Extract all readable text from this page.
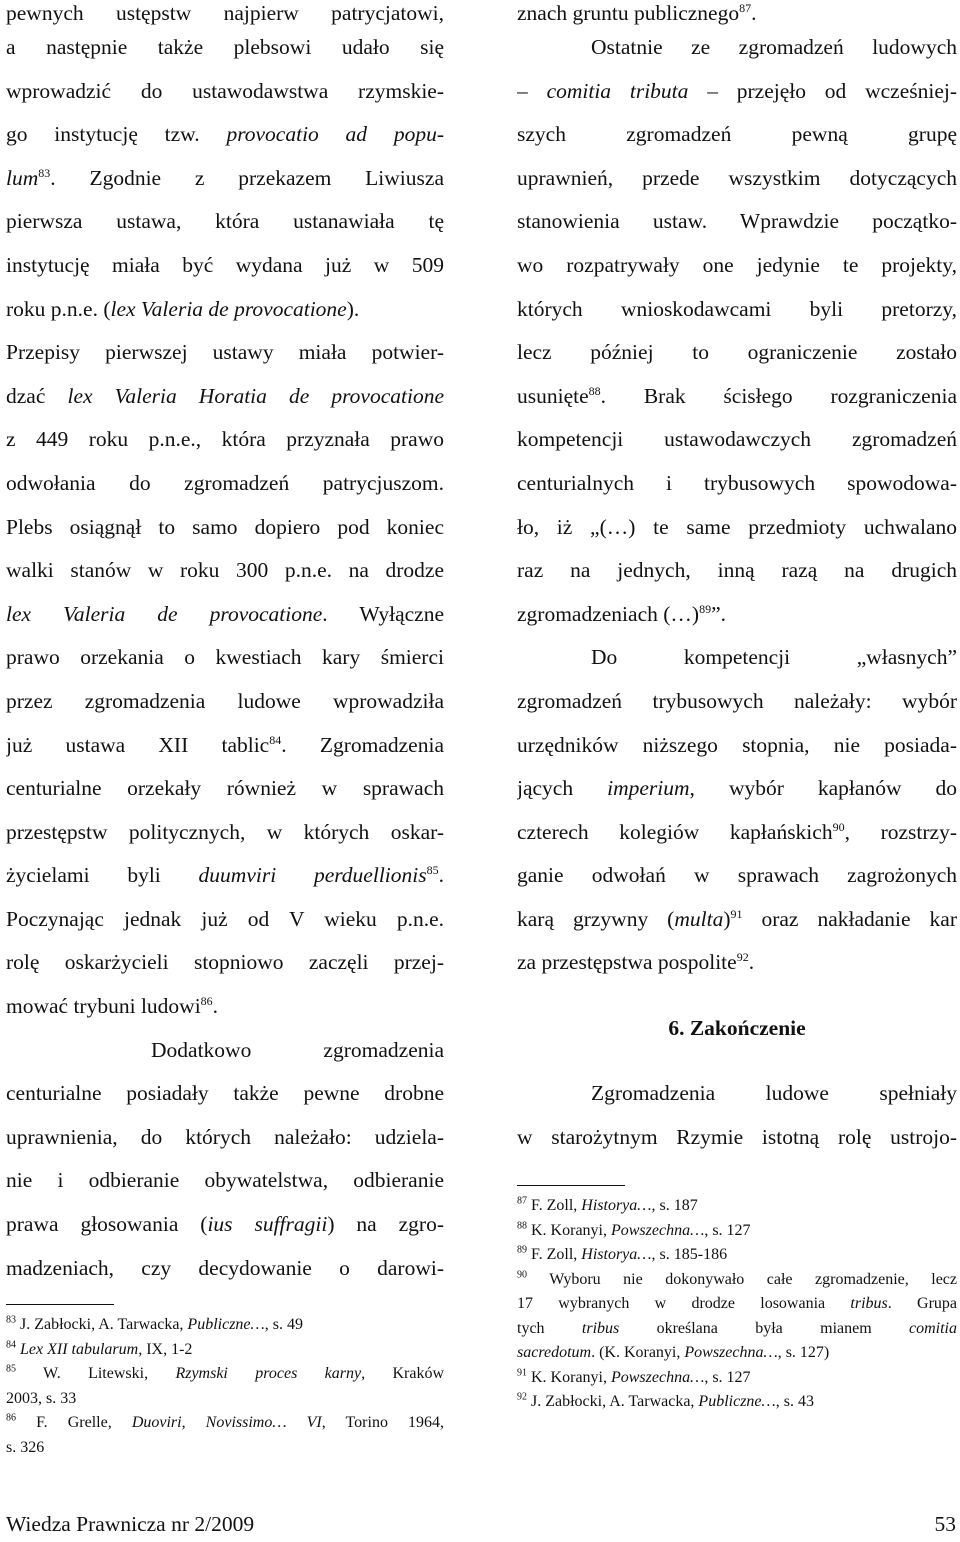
pewnych ustępstw najpierw patrycjatowi,
a następnie także plebsowi udało się
wprowadzić do ustawodawstwa rzymskie-
go instytucję tzw. provocatio ad popu-
lum$^{83}$. Zgodnie z przekazem Liwiusza
pierwsza ustawa, która ustanawiała tę
instytucję miała być wydana już w 509
roku p.n.e. (lex Valeria de provocatione).
Przepisy pierwszej ustawy miała potwier-
dzać lex Valeria Horatia de provocatione
z 449 roku p.n.e., która przyznała prawo
odwołania do zgromadzeń patrycjuszom.
Plebs osiągnął to samo dopiero pod koniec
walki stanów w roku 300 p.n.e. na drodze
lex Valeria de provocatione. Wyłączne
prawo orzekania o kwestiach kary śmierci
przez zgromadzenia ludowe wprowadziła
już ustawa XII tablic$^{84}$. Zgromadzenia
centurialne orzekały również w sprawach
przestępstw politycznych, w których oskar-
życielami byli duumviri perduellionis$^{85}$.
Poczynając jednak już od V wieku p.n.e.
rolę oskarżycieli stopniowo zaczęli przej-
mować trybuni ludowi$^{86}$.
Dodatkowo zgromadzenia
centurialne posiadały także pewne drobne
uprawnienia, do których należało: udziela-
nie i odbieranie obywatelstwa, odbieranie
prawa głosowania (ius suffragii) na zgro-
madzeniach, czy decydowanie o darowi-
$^{83}$ J. Zabłocki, A. Tarwacka, Publiczne…, s. 49
$^{84}$ Lex XII tabularum, IX, 1-2
$^{85}$ W. Litewski, Rzymski proces karny, Kraków
2003, s. 33
$^{86}$ F. Grelle, Duoviri, Novissimo… VI, Torino 1964,
s. 326
znach gruntu publicznego$^{87}$.
Ostatnie ze zgromadzeń ludowych
– comitia tributa – przejęło od wcześniej-
szych zgromadzeń pewną grupę
uprawnień, przede wszystkim dotyczących
stanowienia ustaw. Wprawdzie początko-
wo rozpatrywały one jedynie te projekty,
których wnioskodawcami byli pretorzy,
lecz później to ograniczenie zostało
usunięte$^{88}$. Brak ścisłego rozgraniczenia
kompetencji ustawodawczych zgromadzeń
centurialnych i trybusowych spowodowa-
ło, iż „(…) te same przedmioty uchwalano
raz na jednych, inną razą na drugich
zgromadzeniach (…)$^{89}$”.
Do kompetencji „własnych”
zgromadzeń trybusowych należały: wybór
urzędników niższego stopnia, nie posiada-
jących imperium, wybór kapłanów do
czterech kolegiów kapłańskich$^{90}$, rozstrzy-
ganie odwołań w sprawach zagrożonych
karą grzywny (multa)$^{91}$ oraz nakładanie kar
za przestępstwa pospolite$^{92}$.
6. Zakończenie
Zgromadzenia ludowe spełniały
w starożytnym Rzymie istotną rolę ustrojo-
$^{87}$ F. Zoll, Historya…, s. 187
$^{88}$ K. Koranyi, Powszechna…, s. 127
$^{89}$ F. Zoll, Historya…, s. 185-186
$^{90}$ Wyboru nie dokonywało całe zgromadzenie, lecz
17 wybranych w drodze losowania tribus. Grupa
tych tribus określana była mianem comitia
sacredotum. (K. Koranyi, Powszechna…, s. 127)
$^{91}$ K. Koranyi, Powszechna…, s. 127
$^{92}$ J. Zabłocki, A. Tarwacka, Publiczne…, s. 43
Wiedza Prawnicza nr 2/2009	53
